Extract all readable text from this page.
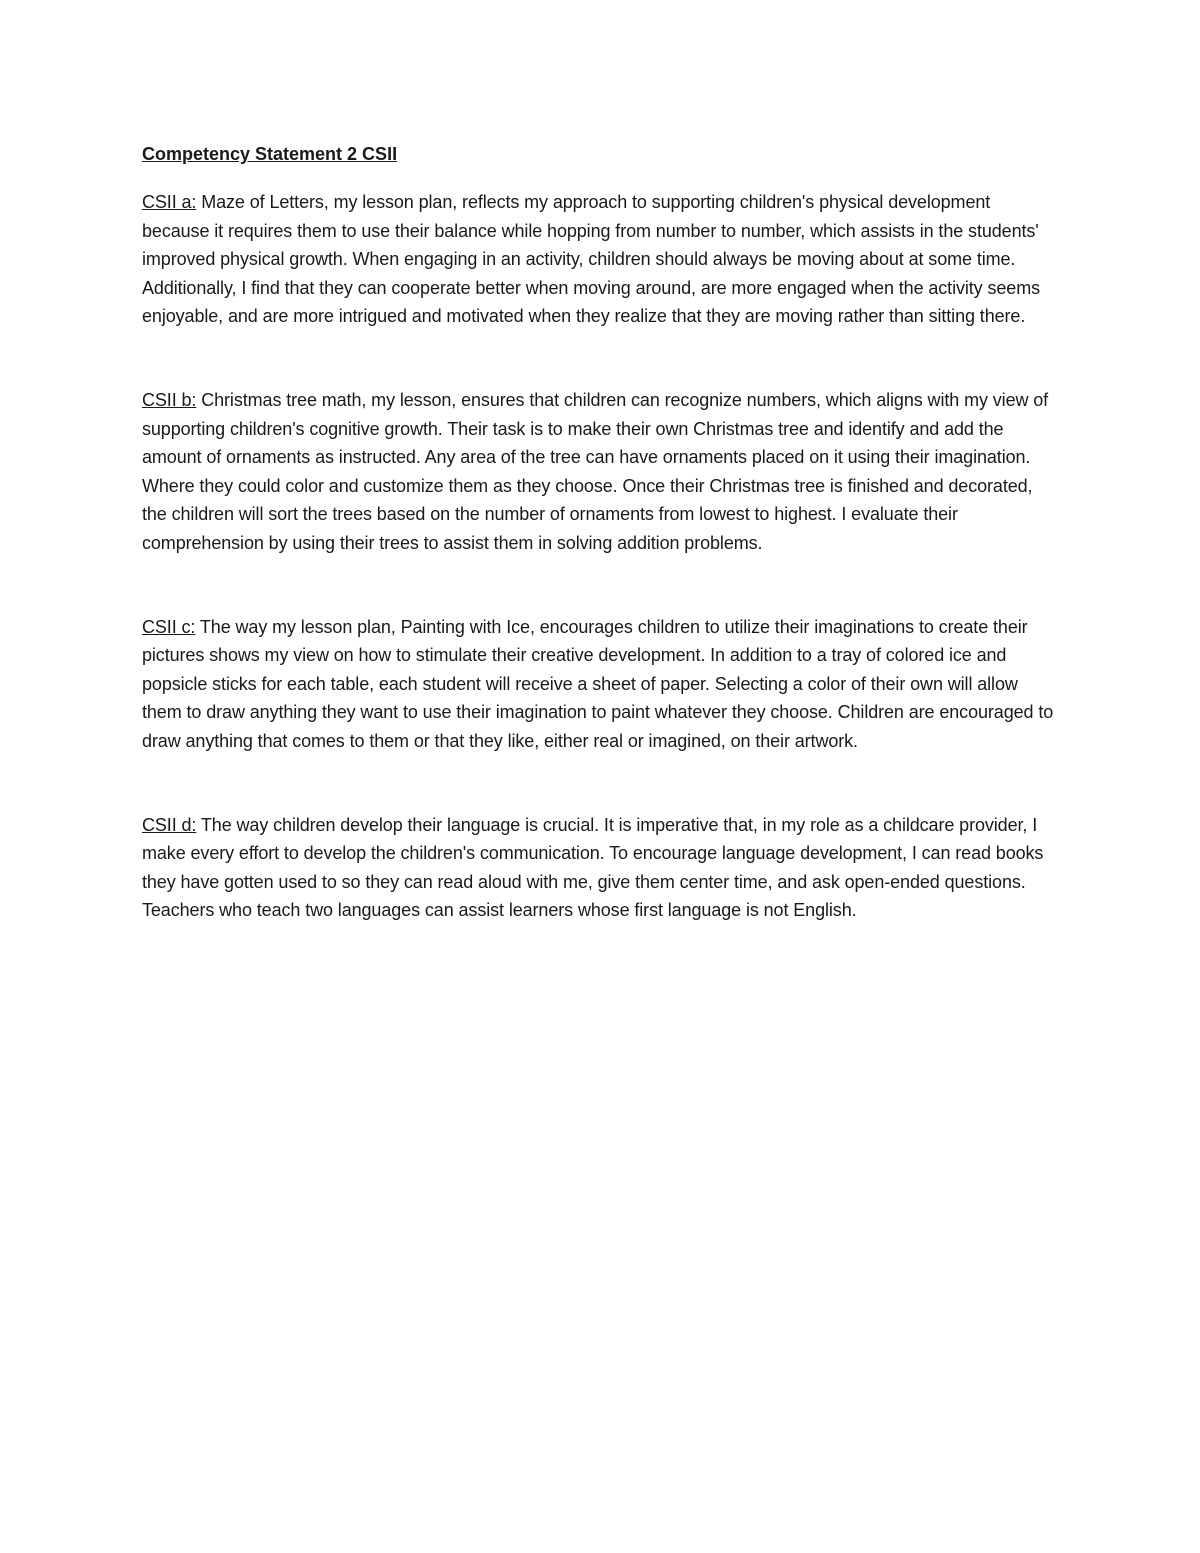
Competency Statement 2 CSII

CSII a: Maze of Letters, my lesson plan, reflects my approach to supporting children's physical development because it requires them to use their balance while hopping from number to number, which assists in the students' improved physical growth. When engaging in an activity, children should always be moving about at some time. Additionally, I find that they can cooperate better when moving around, are more engaged when the activity seems enjoyable, and are more intrigued and motivated when they realize that they are moving rather than sitting there.

CSII b: Christmas tree math, my lesson, ensures that children can recognize numbers, which aligns with my view of supporting children's cognitive growth. Their task is to make their own Christmas tree and identify and add the amount of ornaments as instructed. Any area of the tree can have ornaments placed on it using their imagination. Where they could color and customize them as they choose. Once their Christmas tree is finished and decorated, the children will sort the trees based on the number of ornaments from lowest to highest. I evaluate their comprehension by using their trees to assist them in solving addition problems.

CSII c: The way my lesson plan, Painting with Ice, encourages children to utilize their imaginations to create their pictures shows my view on how to stimulate their creative development. In addition to a tray of colored ice and popsicle sticks for each table, each student will receive a sheet of paper. Selecting a color of their own will allow them to draw anything they want to use their imagination to paint whatever they choose. Children are encouraged to draw anything that comes to them or that they like, either real or imagined, on their artwork.

CSII d: The way children develop their language is crucial. It is imperative that, in my role as a childcare provider, I make every effort to develop the children's communication. To encourage language development, I can read books they have gotten used to so they can read aloud with me, give them center time, and ask open-ended questions. Teachers who teach two languages can assist learners whose first language is not English.
